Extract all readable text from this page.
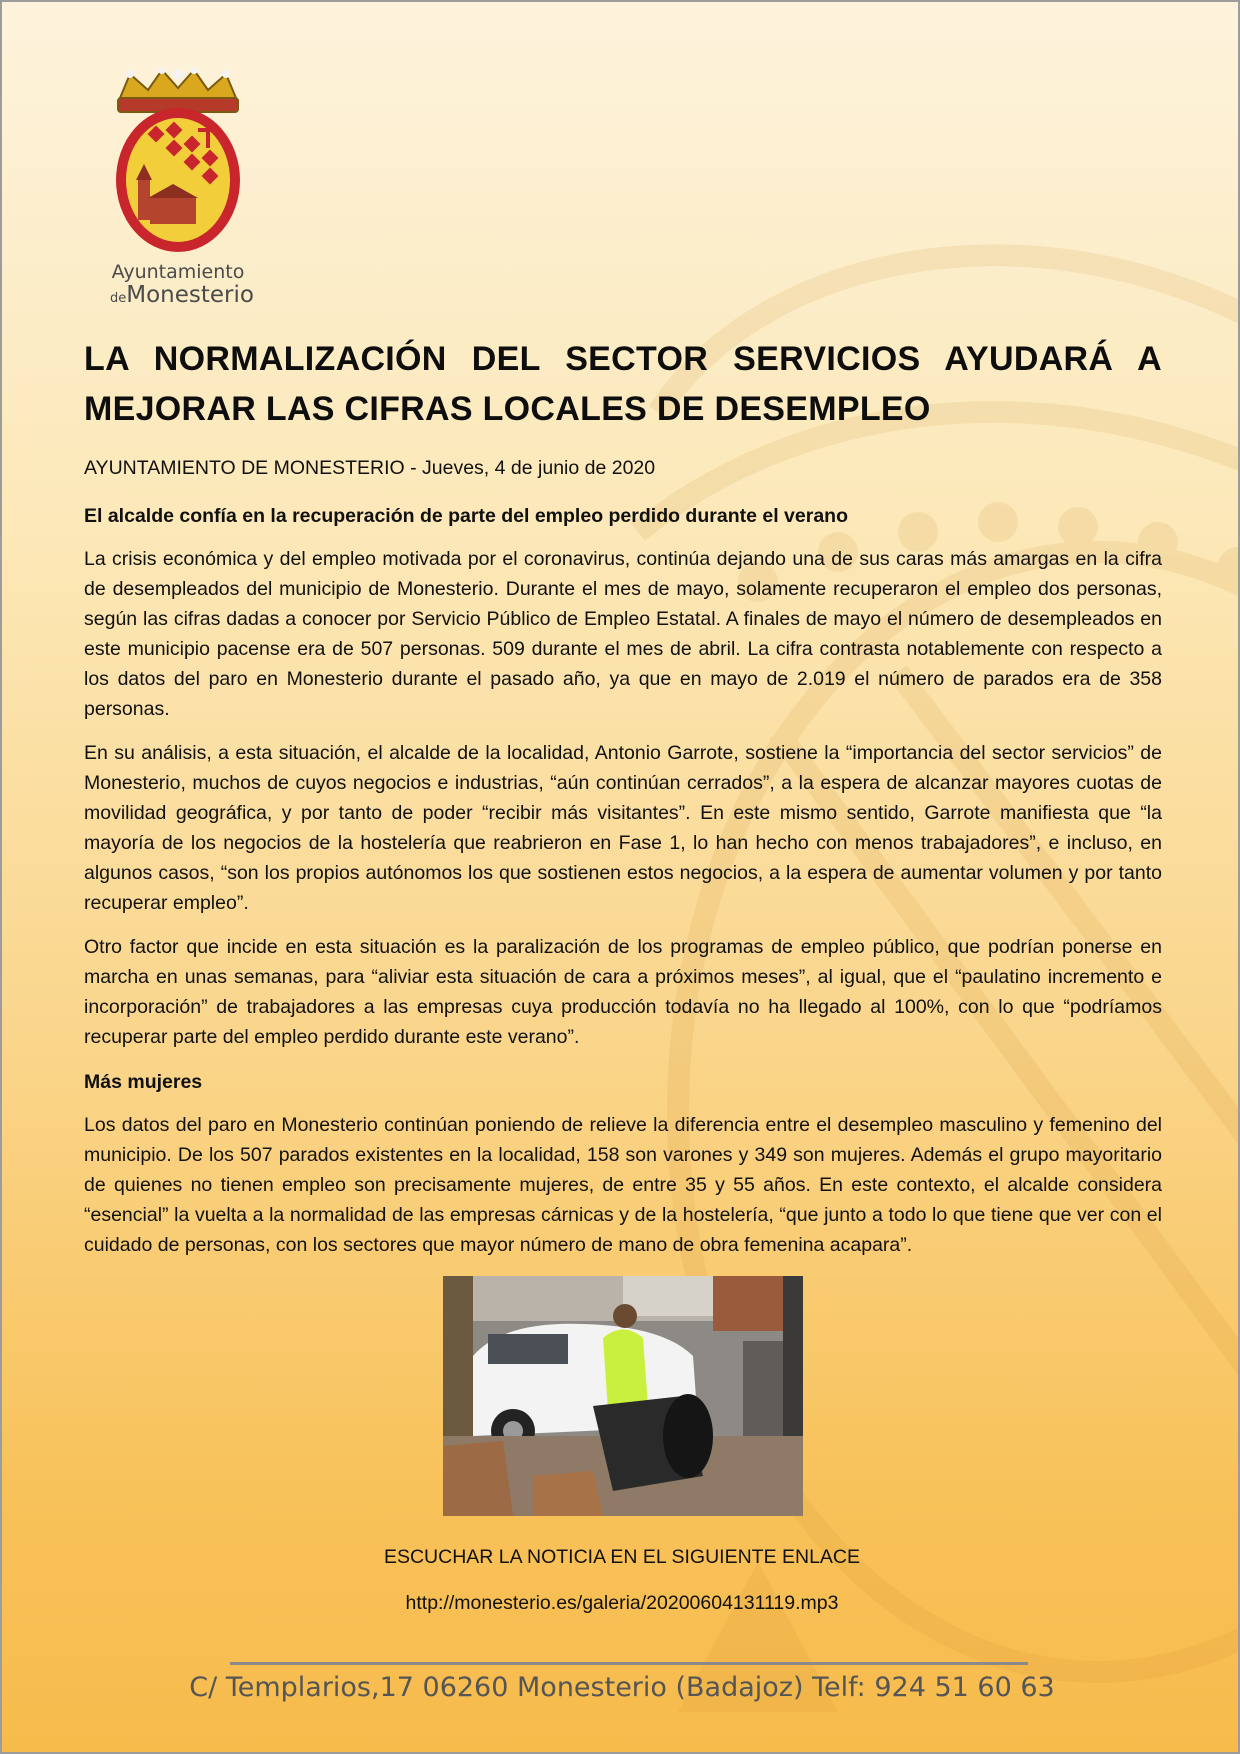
Ayuntamiento
deMonesterio
LA NORMALIZACIÓN DEL SECTOR SERVICIOS AYUDARÁ A MEJORAR LAS CIFRAS LOCALES DE DESEMPLEO
AYUNTAMIENTO DE MONESTERIO - Jueves, 4 de junio de 2020
El alcalde confía en la recuperación de parte del empleo perdido durante el verano

La crisis económica y del empleo motivada por el coronavirus, continúa dejando una de sus caras más amargas en la cifra de desempleados del municipio de Monesterio. Durante el mes de mayo, solamente recuperaron el empleo dos personas, según las cifras dadas a conocer por Servicio Público de Empleo Estatal. A finales de mayo el número de desempleados en este municipio pacense era de 507 personas. 509 durante el mes de abril. La cifra contrasta notablemente con respecto a los datos del paro en Monesterio durante el pasado año, ya que en mayo de 2.019 el número de parados era de 358 personas.

En su análisis, a esta situación, el alcalde de la localidad, Antonio Garrote, sostiene la “importancia del sector servicios” de Monesterio, muchos de cuyos negocios e industrias, “aún continúan cerrados”, a la espera de alcanzar mayores cuotas de movilidad geográfica, y por tanto de poder “recibir más visitantes”. En este mismo sentido, Garrote manifiesta que “la mayoría de los negocios de la hostelería que reabrieron en Fase 1, lo han hecho con menos trabajadores”, e incluso, en algunos casos, “son los propios autónomos los que sostienen estos negocios, a la espera de aumentar volumen y por tanto recuperar empleo”.

Otro factor que incide en esta situación es la paralización de los programas de empleo público, que podrían ponerse en marcha en unas semanas, para “aliviar esta situación de cara a próximos meses”, al igual, que el “paulatino incremento e incorporación” de trabajadores a las empresas cuya producción todavía no ha llegado al 100%, con lo que “podríamos recuperar parte del empleo perdido durante este verano”.

Más mujeres

Los datos del paro en Monesterio continúan poniendo de relieve la diferencia entre el desempleo masculino y femenino del municipio. De los 507 parados existentes en la localidad, 158 son varones y 349 son mujeres. Además el grupo mayoritario de quienes no tienen empleo son precisamente mujeres, de entre 35 y 55 años. En este contexto, el alcalde considera “esencial” la vuelta a la normalidad de las empresas cárnicas y de la hostelería, “que junto a todo lo que tiene que ver con el cuidado de personas, con los sectores que mayor número de mano de obra femenina acapara”.

ESCUCHAR LA NOTICIA EN EL SIGUIENTE ENLACE
http://monesterio.es/galeria/20200604131119.mp3
C/ Templarios,17 06260 Monesterio (Badajoz) Telf: 924 51 60 63
